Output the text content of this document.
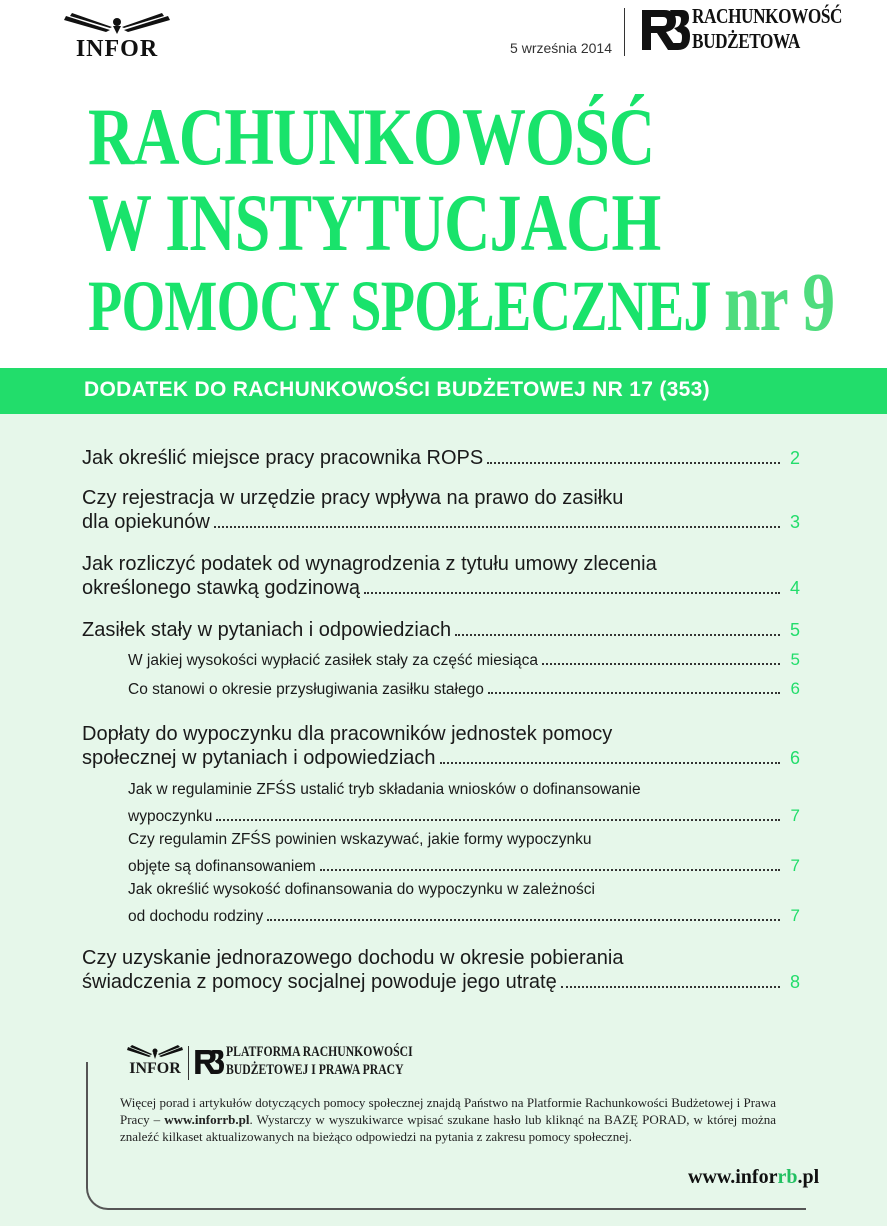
INFOR	5 września 2014
RACHUNKOWOŚĆ
BUDŻETOWA
RACHUNKOWOŚĆ
W INSTYTUCJACH
POMOCY SPOŁECZNEJ nr 9
DODATEK DO RACHUNKOWOŚCI BUDŻETOWEJ NR 17 (353)
Jak określić miejsce pracy pracownika ROPS	2
Czy rejestracja w urzędzie pracy wpływa na prawo do zasiłku
dla opiekunów	3
Jak rozliczyć podatek od wynagrodzenia z tytułu umowy zlecenia
określonego stawką godzinową	4
Zasiłek stały w pytaniach i odpowiedziach	5
W jakiej wysokości wypłacić zasiłek stały za część miesiąca	5
Co stanowi o okresie przysługiwania zasiłku stałego	6
Dopłaty do wypoczynku dla pracowników jednostek pomocy
społecznej w pytaniach i odpowiedziach	6
Jak w regulaminie ZFŚS ustalić tryb składania wniosków o dofinansowanie
wypoczynku	7
Czy regulamin ZFŚS powinien wskazywać, jakie formy wypoczynku
objęte są dofinansowaniem	7
Jak określić wysokość dofinansowania do wypoczynku w zależności
od dochodu rodziny	7
Czy uzyskanie jednorazowego dochodu w okresie pobierania
świadczenia z pomocy socjalnej powoduje jego utratę	8
INFOR
PLATFORMA RACHUNKOWOŚCI
BUDŻETOWEJ I PRAWA PRACY
Więcej porad i artykułów dotyczących pomocy społecznej znajdą Państwo na Platformie Rachunkowości Budżetowej i Prawa Pracy – www.inforrb.pl. Wystarczy w wyszukiwarce wpisać szukane hasło lub kliknąć na BAZĘ PORAD, w której można znaleźć kilkaset aktualizowanych na bieżąco odpowiedzi na pytania z zakresu pomocy społecznej.
www.inforrb.pl
